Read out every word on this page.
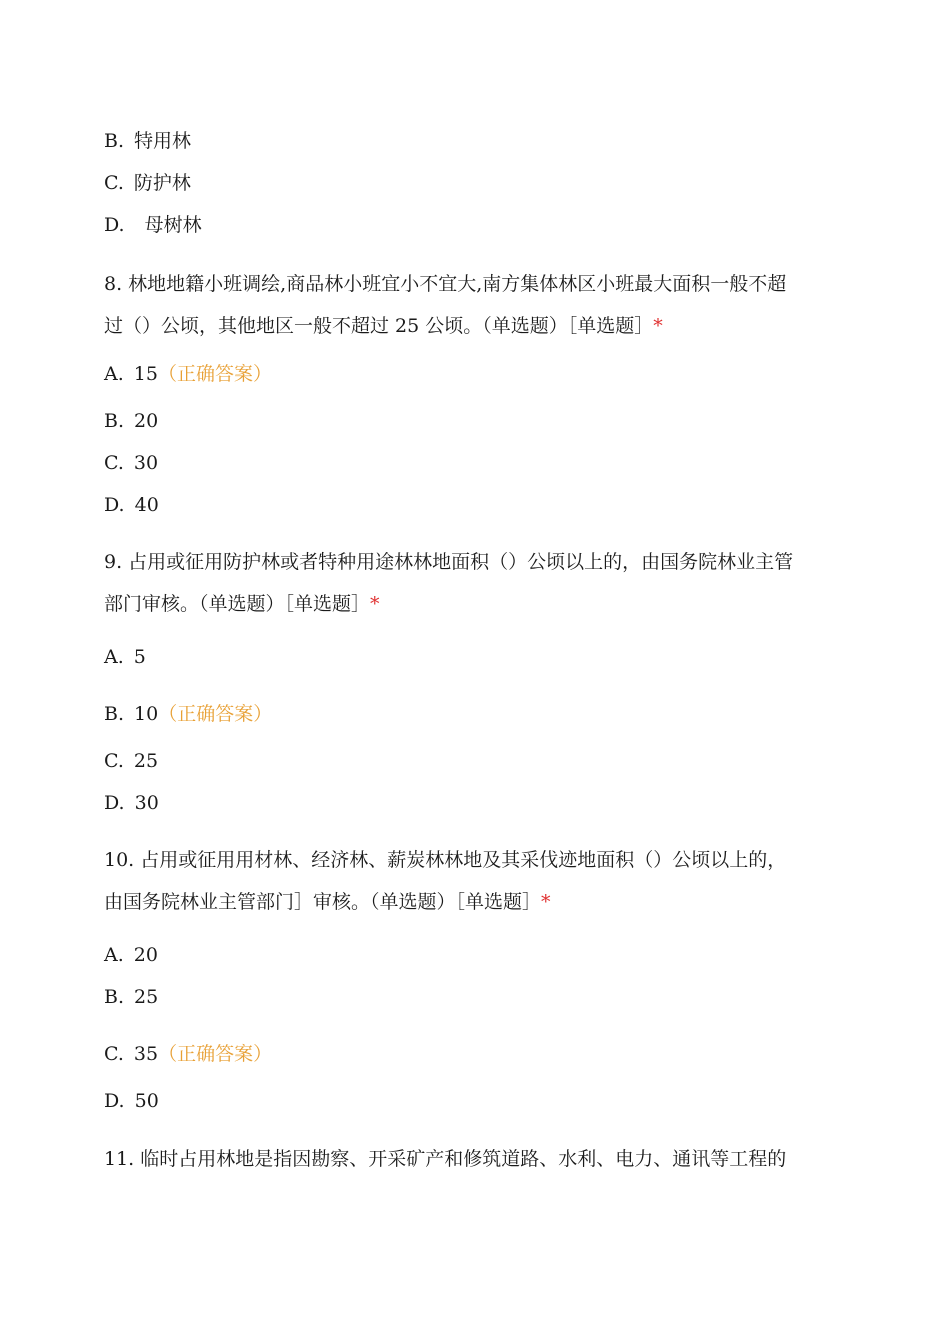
B. 特用林
C. 防护林
D. 母树林
8. 林地地籍小班调绘,商品林小班宜小不宜大,南方集体林区小班最大面积一般不超
过（）公顷，其他地区一般不超过 25 公顷。（单选题）［单选题］*
A. 15（正确答案）
B. 20
C. 30
D. 40
9. 占用或征用防护林或者特种用途林林地面积（）公顷以上的，由国务院林业主管
部门审核。（单选题）［单选题］*
A. 5
B. 10（正确答案）
C. 25
D. 30
10. 占用或征用用材林、经济林、薪炭林林地及其采伐迹地面积（）公顷以上的，
由国务院林业主管部门］审核。（单选题）［单选题］*
A. 20
B. 25
C. 35（正确答案）
D. 50
11. 临时占用林地是指因勘察、开采矿产和修筑道路、水利、电力、通讯等工程的
